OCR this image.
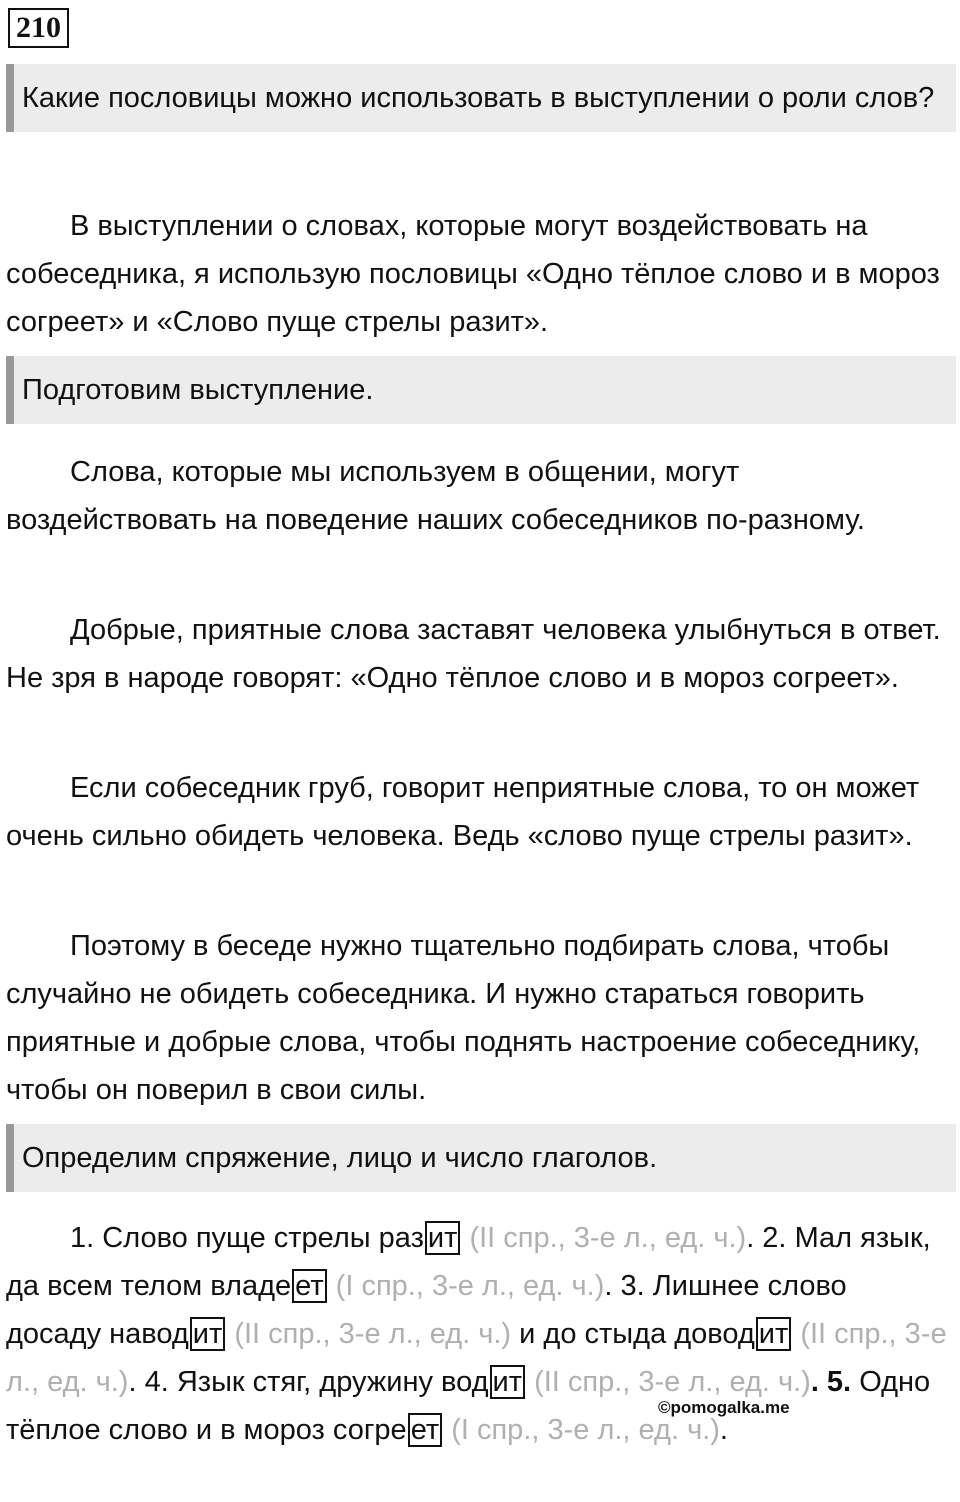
210
Какие пословицы можно использовать в выступлении о роли слов?

В выступлении о словах, которые могут воздействовать на собеседника, я использую пословицы «Одно тёплое слово и в мороз согреет» и «Слово пуще стрелы разит».

Подготовим выступление.

Слова, которые мы используем в общении, могут воздействовать на поведение наших собеседников по-разному.

Добрые, приятные слова заставят человека улыбнуться в ответ. Не зря в народе говорят: «Одно тёплое слово и в мороз согреет».

Если собеседник груб, говорит неприятные слова, то он может очень сильно обидеть человека. Ведь «слово пуще стрелы разит».

Поэтому в беседе нужно тщательно подбирать слова, чтобы случайно не обидеть собеседника. И нужно стараться говорить приятные и добрые слова, чтобы поднять настроение собеседнику, чтобы он поверил в свои силы.

Определим спряжение, лицо и число глаголов.

1. Слово пуще стрелы раз ит (II спр., 3-е л., ед. ч.). 2. Мал язык, да всем телом владе ет (I спр., 3-е л., ед. ч.). 3. Лишнее слово досаду навод ит (II спр., 3-е л., ед. ч.) и до стыда довод ит (II спр., 3-е л., ед. ч.). 4. Язык стяг, дружину вод ит (II спр., 3-е л., ед. ч.). 5. Одно тёплое слово и в мороз согре ет (I спр., 3-е л., ед. ч.).

©pomogalka.me
